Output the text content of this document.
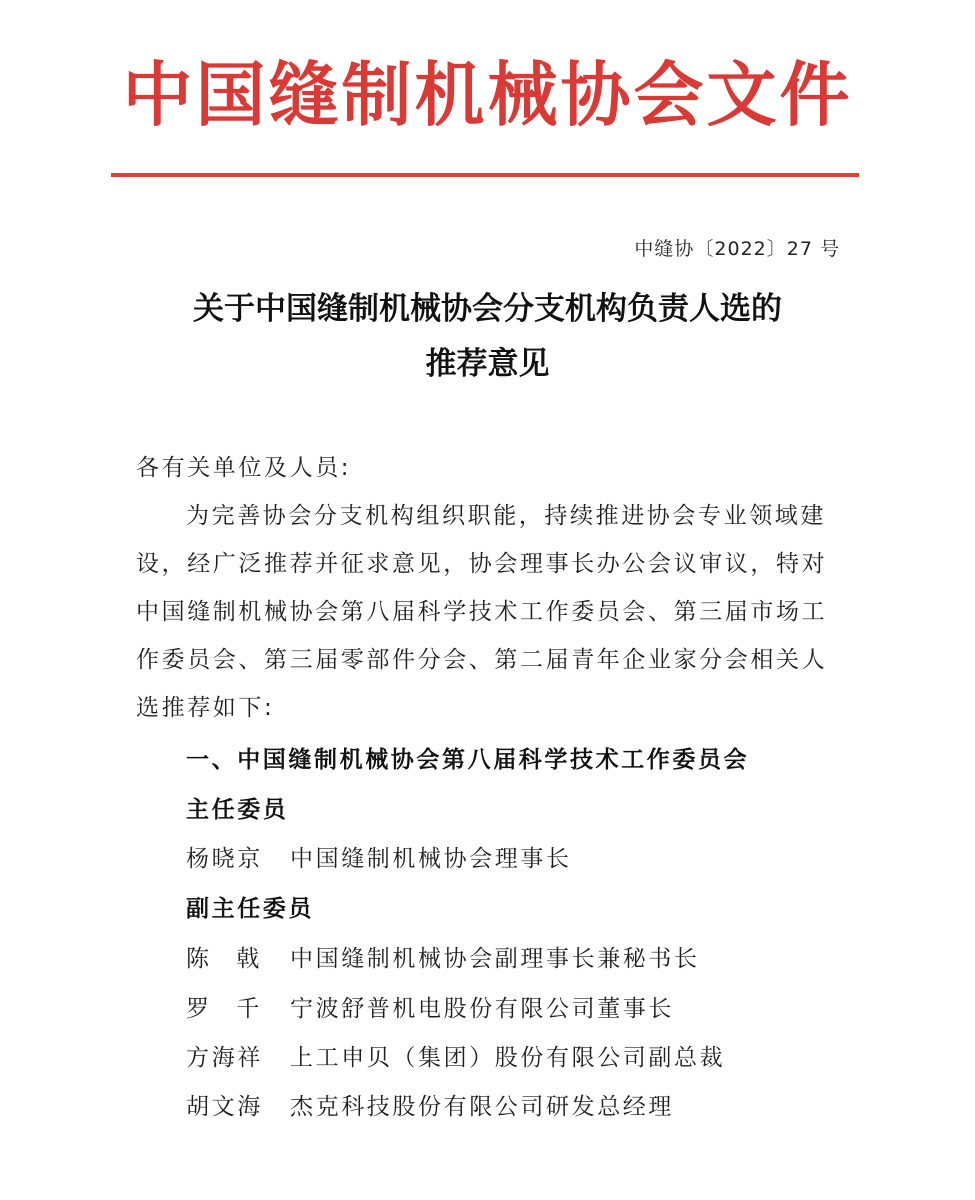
中国缝制机械协会文件
中缝协〔2022〕27 号
关于中国缝制机械协会分支机构负责人选的
推荐意见
各有关单位及人员:
为完善协会分支机构组织职能，持续推进协会专业领域建
设，经广泛推荐并征求意见，协会理事长办公会议审议，特对
中国缝制机械协会第八届科学技术工作委员会、第三届市场工
作委员会、第三届零部件分会、第二届青年企业家分会相关人
选推荐如下:
一、中国缝制机械协会第八届科学技术工作委员会
主任委员
杨晓京 中国缝制机械协会理事长
副主任委员
陈 戟 中国缝制机械协会副理事长兼秘书长
罗 千 宁波舒普机电股份有限公司董事长
方海祥 上工申贝（集团）股份有限公司副总裁
胡文海 杰克科技股份有限公司研发总经理
